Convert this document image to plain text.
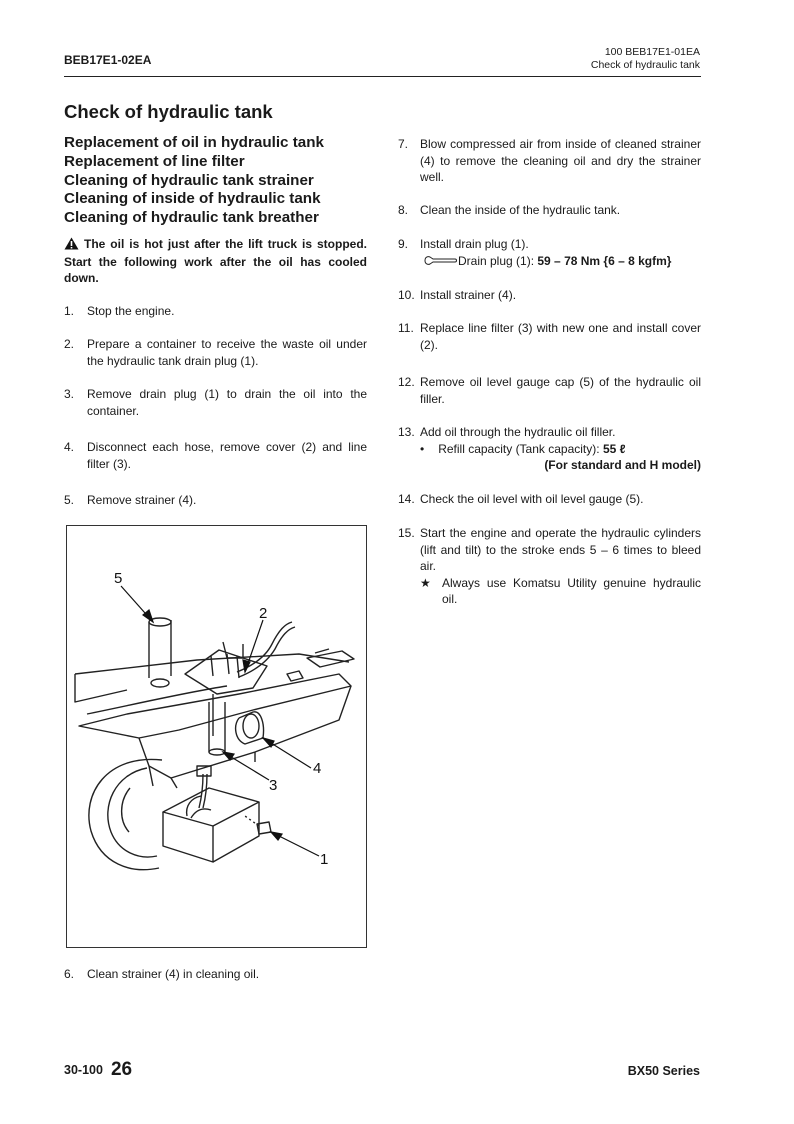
BEB17E1-02EA
100 BEB17E1-01EA
Check of hydraulic tank
Check of hydraulic tank
Replacement of oil in hydraulic tank
Replacement of line filter
Cleaning of hydraulic tank strainer
Cleaning of inside of hydraulic tank
Cleaning of hydraulic tank breather
The oil is hot just after the lift truck is stopped. Start the following work after the oil has cooled down.
1.	Stop the engine.
2.	Prepare a container to receive the waste oil under the hydraulic tank drain plug (1).
3.	Remove drain plug (1) to drain the oil into the container.
4.	Disconnect each hose, remove cover (2) and line filter (3).
5.	Remove strainer (4).
6.	Clean strainer (4) in cleaning oil.
5
2
4
3
1
7. Blow compressed air from inside of cleaned strainer (4) to remove the cleaning oil and dry the strainer well.
8. Clean the inside of the hydraulic tank.
9. Install drain plug (1).
Drain plug (1): 59 – 78 Nm {6 – 8 kgfm}
10. Install strainer (4).
11. Replace line filter (3) with new one and install cover (2).
12. Remove oil level gauge cap (5) of the hydraulic oil filler.
13. Add oil through the hydraulic oil filler.
• Refill capacity (Tank capacity): 55 ℓ
(For standard and H model)
14. Check the oil level with oil level gauge (5).
15. Start the engine and operate the hydraulic cylinders (lift and tilt) to the stroke ends 5 – 6 times to bleed air.
★ Always use Komatsu Utility genuine hydraulic oil.
30-100 26	BX50 Series
